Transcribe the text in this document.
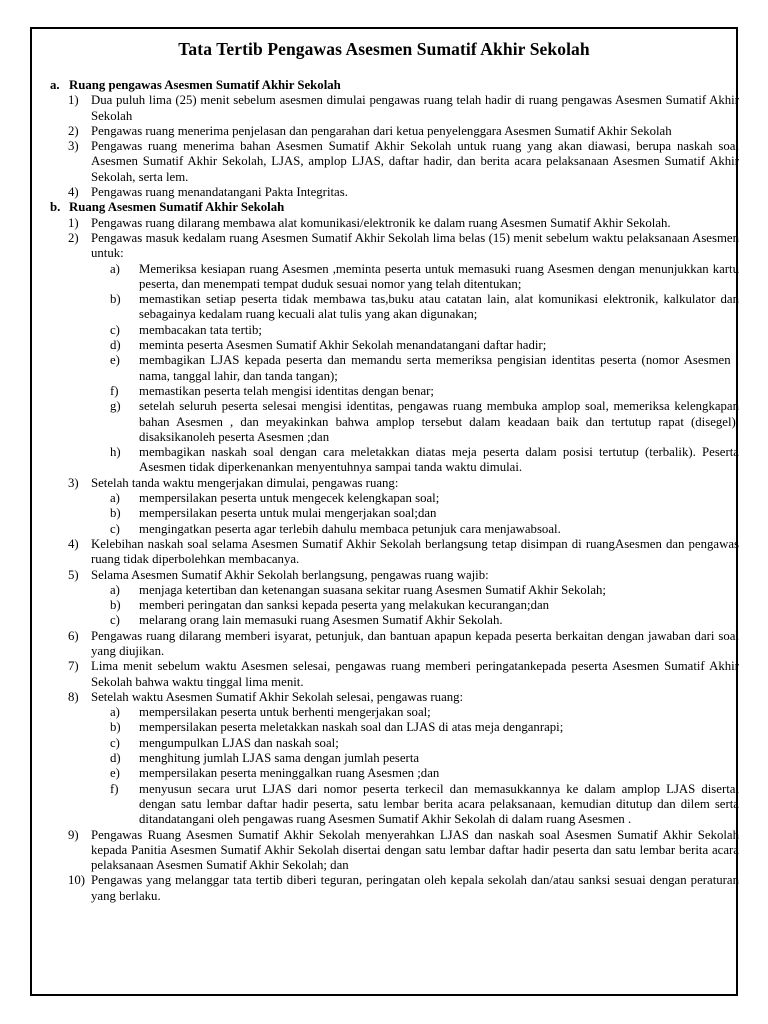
Tata Tertib Pengawas Asesmen Sumatif Akhir Sekolah
a. Ruang pengawas Asesmen Sumatif Akhir Sekolah
1) Dua puluh lima (25) menit sebelum asesmen dimulai pengawas ruang telah hadir di ruang pengawas Asesmen Sumatif Akhir Sekolah
2) Pengawas ruang menerima penjelasan dan pengarahan dari ketua penyelenggara Asesmen Sumatif Akhir Sekolah
3) Pengawas ruang menerima bahan Asesmen Sumatif Akhir Sekolah untuk ruang yang akan diawasi, berupa naskah soal Asesmen Sumatif Akhir Sekolah, LJAS, amplop LJAS, daftar hadir, dan berita acara pelaksanaan Asesmen Sumatif Akhir Sekolah, serta lem.
4) Pengawas ruang menandatangani Pakta Integritas.
b. Ruang Asesmen Sumatif Akhir Sekolah
1) Pengawas ruang dilarang membawa alat komunikasi/elektronik ke dalam ruang Asesmen Sumatif Akhir Sekolah.
2) Pengawas masuk kedalam ruang Asesmen Sumatif Akhir Sekolah lima belas (15) menit sebelum waktu pelaksanaan Asesmen untuk:
a)	Memeriksa kesiapan ruang Asesmen ,meminta peserta untuk memasuki ruang Asesmen dengan menunjukkan kartu peserta, dan menempati tempat duduk sesuai nomor yang telah ditentukan;
b)	memastikan setiap peserta tidak membawa tas,buku atau catatan lain, alat komunikasi elektronik, kalkulator dan sebagainya kedalam ruang kecuali alat tulis yang akan digunakan;
c)	membacakan tata tertib;
d)	meminta peserta Asesmen Sumatif Akhir Sekolah menandatangani daftar hadir;
e)	membagikan LJAS kepada peserta dan memandu serta memeriksa pengisian identitas peserta (nomor Asesmen , nama, tanggal lahir, dan tanda tangan);
f)	memastikan peserta telah mengisi identitas dengan benar;
g)	setelah seluruh peserta selesai mengisi identitas, pengawas ruang membuka amplop soal, memeriksa kelengkapan bahan Asesmen , dan meyakinkan bahwa amplop tersebut dalam keadaan baik dan tertutup rapat (disegel), disaksikanoleh peserta Asesmen ;dan
h)	membagikan naskah soal dengan cara meletakkan diatas meja peserta dalam posisi tertutup (terbalik). Peserta Asesmen tidak diperkenankan menyentuhnya sampai tanda waktu dimulai.
3) Setelah tanda waktu mengerjakan dimulai, pengawas ruang:
a)	mempersilakan peserta untuk mengecek kelengkapan soal;
b)	mempersilakan peserta untuk mulai mengerjakan soal;dan
c)	mengingatkan peserta agar terlebih dahulu membaca petunjuk cara menjawabsoal.
4) Kelebihan naskah soal selama Asesmen Sumatif Akhir Sekolah berlangsung tetap disimpan di ruangAsesmen dan pengawas ruang tidak diperbolehkan membacanya.
5) Selama Asesmen Sumatif Akhir Sekolah berlangsung, pengawas ruang wajib:
a)	menjaga ketertiban dan ketenangan suasana sekitar ruang Asesmen Sumatif Akhir Sekolah;
b)	memberi peringatan dan sanksi kepada peserta yang melakukan kecurangan;dan
c)	melarang orang lain memasuki ruang Asesmen Sumatif Akhir Sekolah.
6) Pengawas ruang dilarang memberi isyarat, petunjuk, dan bantuan apapun kepada peserta berkaitan dengan jawaban dari soal yang diujikan.
7) Lima menit sebelum waktu Asesmen selesai, pengawas ruang memberi peringatankepada peserta Asesmen Sumatif Akhir Sekolah bahwa waktu tinggal lima menit.
8) Setelah waktu Asesmen Sumatif Akhir Sekolah selesai, pengawas ruang:
a)	mempersilakan peserta untuk berhenti mengerjakan soal;
b)	mempersilakan peserta meletakkan naskah soal dan LJAS di atas meja denganrapi;
c)	mengumpulkan LJAS dan naskah soal;
d)	menghitung jumlah LJAS sama dengan jumlah peserta
e)	mempersilakan peserta meninggalkan ruang Asesmen ;dan
f)	menyusun secara urut LJAS dari nomor peserta terkecil dan memasukkannya ke dalam amplop LJAS disertai dengan satu lembar daftar hadir peserta, satu lembar berita acara pelaksanaan, kemudian ditutup dan dilem serta ditandatangani oleh pengawas ruang Asesmen Sumatif Akhir Sekolah di dalam ruang Asesmen .
9) Pengawas Ruang Asesmen Sumatif Akhir Sekolah menyerahkan LJAS dan naskah soal Asesmen Sumatif Akhir Sekolah kepada Panitia Asesmen Sumatif Akhir Sekolah disertai dengan satu lembar daftar hadir peserta dan satu lembar berita acara pelaksanaan Asesmen Sumatif Akhir Sekolah; dan
10) Pengawas yang melanggar tata tertib diberi teguran, peringatan oleh kepala sekolah dan/atau sanksi sesuai dengan peraturan yang berlaku.
